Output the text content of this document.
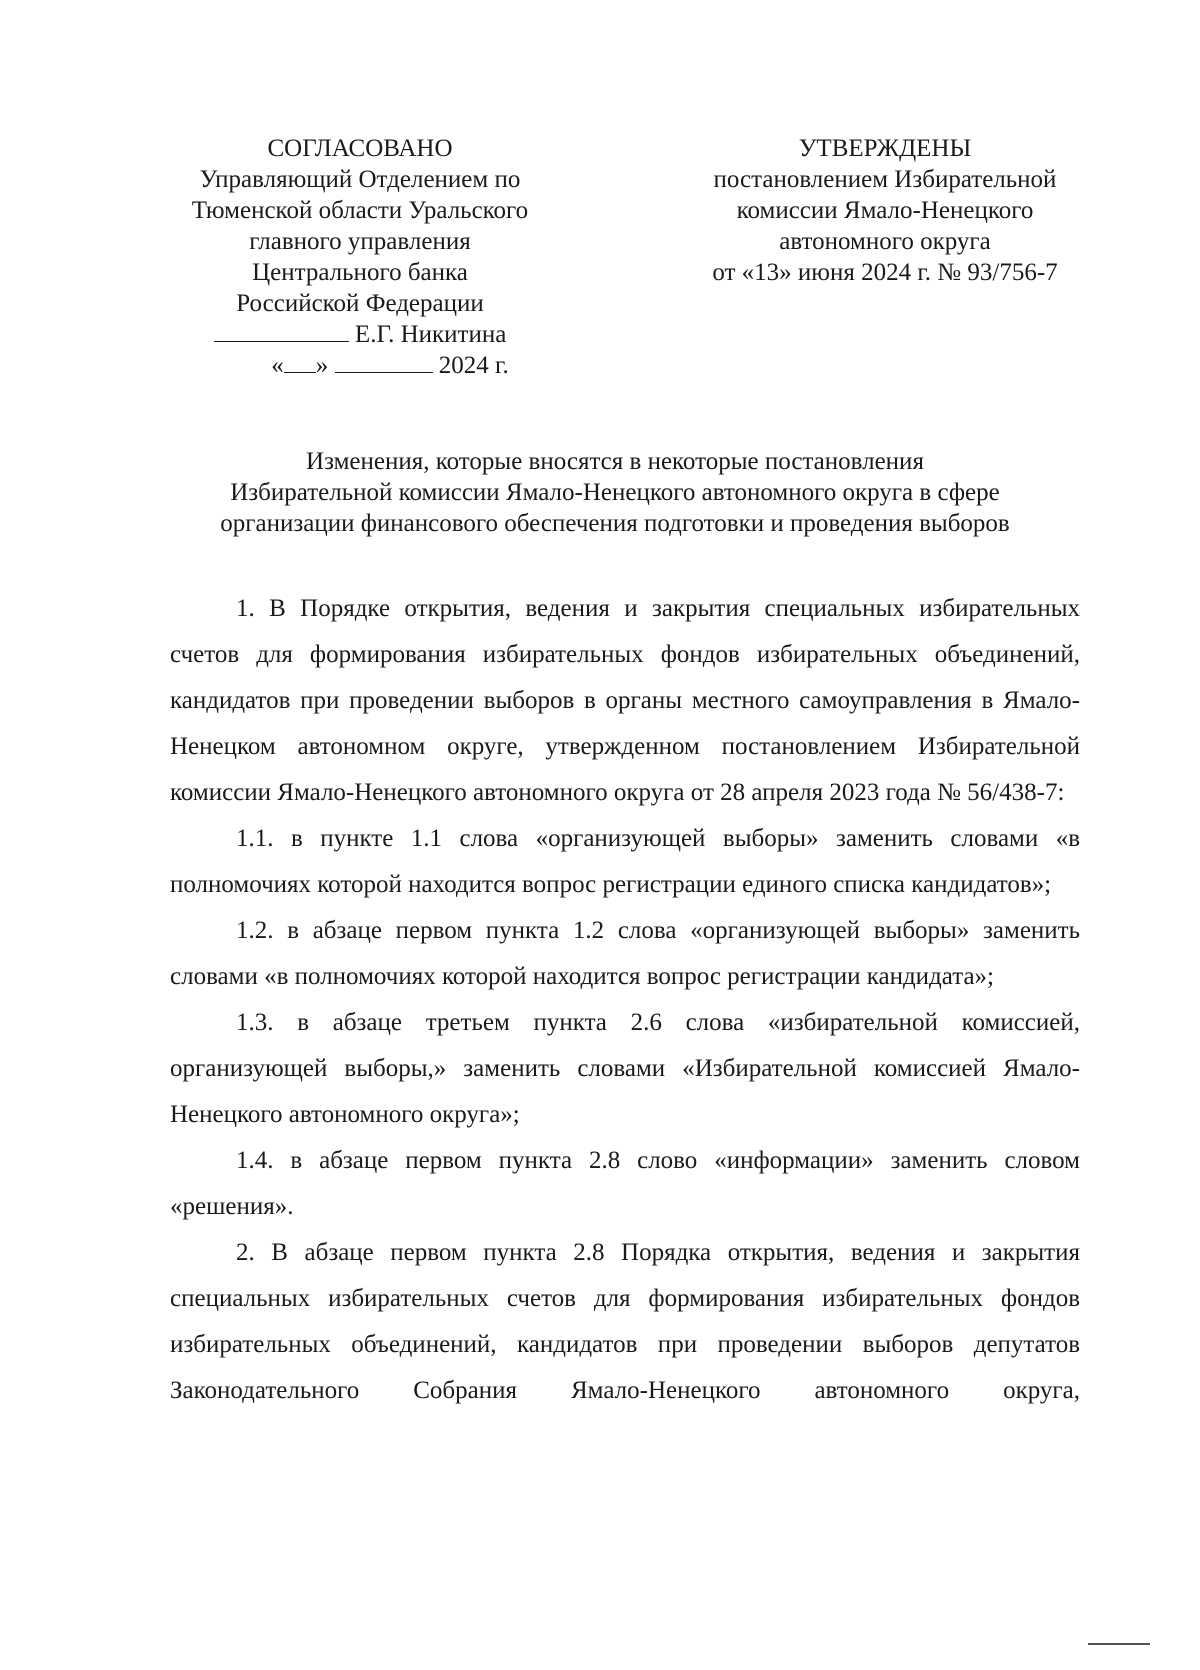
СОГЛАСОВАНО
Управляющий Отделением по
Тюменской области Уральского
главного управления
Центрального банка
Российской Федерации
Е.Г. Никитина
« »	2024 г.
УТВЕРЖДЕНЫ
постановлением Избирательной
комиссии Ямало-Ненецкого
автономного округа
от «13» июня 2024 г. № 93/756-7
Изменения, которые вносятся в некоторые постановления
Избирательной комиссии Ямало-Ненецкого автономного округа в сфере
организации финансового обеспечения подготовки и проведения выборов

1. В Порядке открытия, ведения и закрытия специальных избирательных счетов для формирования избирательных фондов избирательных объединений, кандидатов при проведении выборов в органы местного самоуправления в Ямало-Ненецком автономном округе, утвержденном постановлением Избирательной комиссии Ямало-Ненецкого автономного округа от 28 апреля 2023 года № 56/438-7:

1.1. в пункте 1.1 слова «организующей выборы» заменить словами «в полномочиях которой находится вопрос регистрации единого списка кандидатов»;

1.2. в абзаце первом пункта 1.2 слова «организующей выборы» заменить словами «в полномочиях которой находится вопрос регистрации кандидата»;

1.3. в абзаце третьем пункта 2.6 слова «избирательной комиссией, организующей выборы,» заменить словами «Избирательной комиссией Ямало-Ненецкого автономного округа»;

1.4. в абзаце первом пункта 2.8 слово «информации» заменить словом «решения».

2. В абзаце первом пункта 2.8 Порядка открытия, ведения и закрытия специальных избирательных счетов для формирования избирательных фондов избирательных объединений, кандидатов при проведении выборов депутатов Законодательного Собрания Ямало-Ненецкого автономного округа,
